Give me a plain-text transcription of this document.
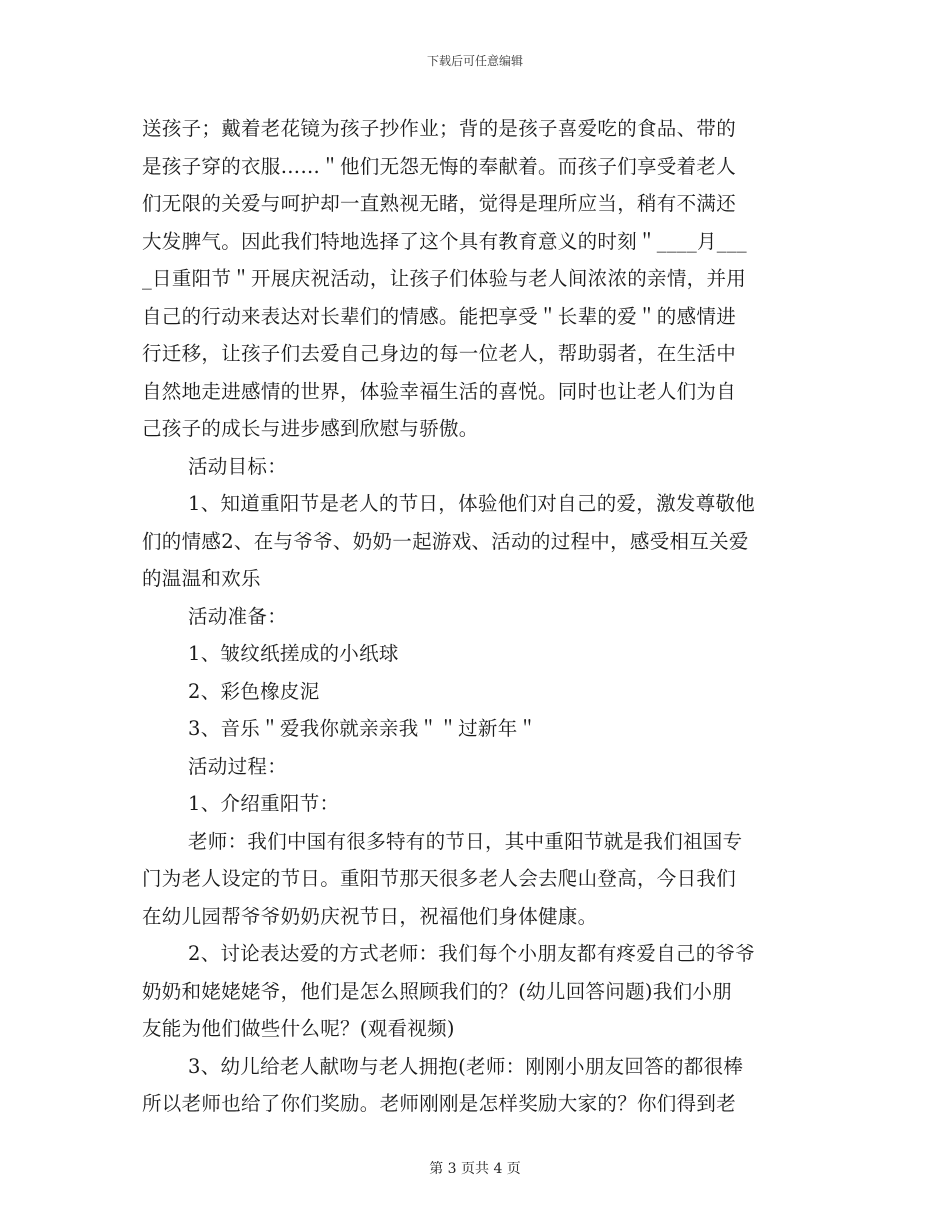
下载后可任意编辑
送孩子；戴着老花镜为孩子抄作业；背的是孩子喜爱吃的食品、带的
是孩子穿的衣服……＂他们无怨无悔的奉献着。而孩子们享受着老人
们无限的关爱与呵护却一直熟视无睹，觉得是理所应当，稍有不满还
大发脾气。因此我们特地选择了这个具有教育意义的时刻＂____月___
_日重阳节＂开展庆祝活动，让孩子们体验与老人间浓浓的亲情，并用
自己的行动来表达对长辈们的情感。能把享受＂长辈的爱＂的感情进
行迁移，让孩子们去爱自己身边的每一位老人，帮助弱者，在生活中
自然地走进感情的世界，体验幸福生活的喜悦。同时也让老人们为自
己孩子的成长与进步感到欣慰与骄傲。
活动目标：
1、知道重阳节是老人的节日，体验他们对自己的爱，激发尊敬他
们的情感2、在与爷爷、奶奶一起游戏、活动的过程中，感受相互关爱
的温温和欢乐
活动准备：
1、皱纹纸搓成的小纸球
2、彩色橡皮泥
3、音乐＂爱我你就亲亲我＂＂过新年＂
活动过程：
1、介绍重阳节：
老师：我们中国有很多特有的节日，其中重阳节就是我们祖国专
门为老人设定的节日。重阳节那天很多老人会去爬山登高，今日我们
在幼儿园帮爷爷奶奶庆祝节日，祝福他们身体健康。
2、讨论表达爱的方式老师：我们每个小朋友都有疼爱自己的爷爷
奶奶和姥姥姥爷，他们是怎么照顾我们的？(幼儿回答问题)我们小朋
友能为他们做些什么呢？(观看视频)
3、幼儿给老人献吻与老人拥抱(老师：刚刚小朋友回答的都很棒
所以老师也给了你们奖励。老师刚刚是怎样奖励大家的？你们得到老
第 3 页共 4 页
